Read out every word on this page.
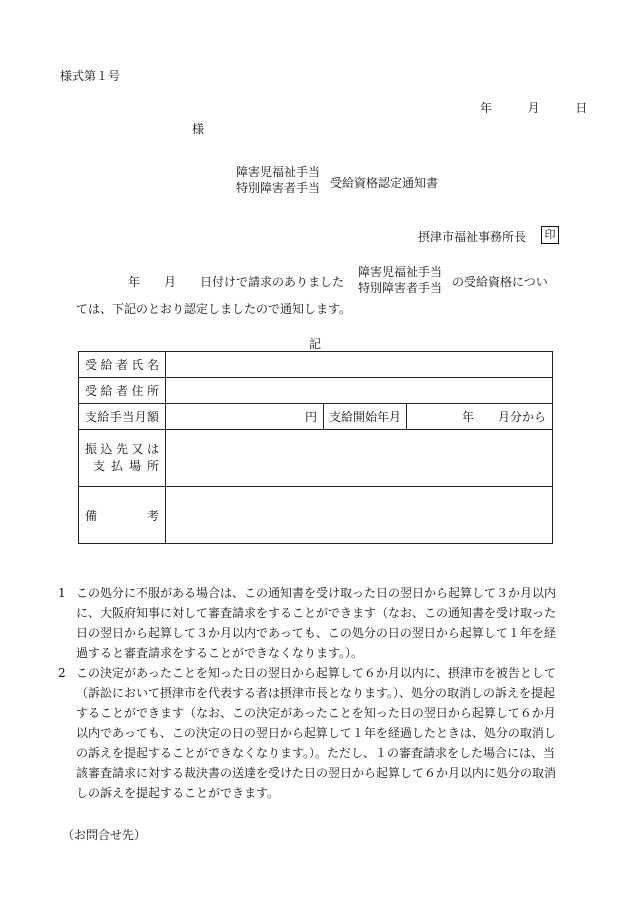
様式第１号
年	月	日
様
障害児福祉手当
特別障害者手当 受給資格認定通知書
摂津市福祉事務所長	印
年 月 日付けで請求のありました
障害児福祉手当
特別障害者手当 の受給資格につい
ては、下記のとおり認定しましたので通知します。
記
受給者氏名			
受給者住所			
支給手当月額	円	支給開始年月	年　　月分から

振込先又は
支払場所			

備考			
1 この処分に不服がある場合は、この通知書を受け取った日の翌日から起算して３か月以内に、大阪府知事に対して審査請求をすることができます（なお、この通知書を受け取った日の翌日から起算して３か月以内であっても、この処分の日の翌日から起算して１年を経過すると審査請求をすることができなくなります。）。
2 この決定があったことを知った日の翌日から起算して６か月以内に、摂津市を被告として（訴訟において摂津市を代表する者は摂津市長となります。）、処分の取消しの訴えを提起することができます（なお、この決定があったことを知った日の翌日から起算して６か月以内であっても、この決定の日の翌日から起算して１年を経過したときは、処分の取消しの訴えを提起することができなくなります。）。ただし、１の審査請求をした場合には、当該審査請求に対する裁決書の送達を受けた日の翌日から起算して６か月以内に処分の取消しの訴えを提起することができます。
（お問合せ先）
